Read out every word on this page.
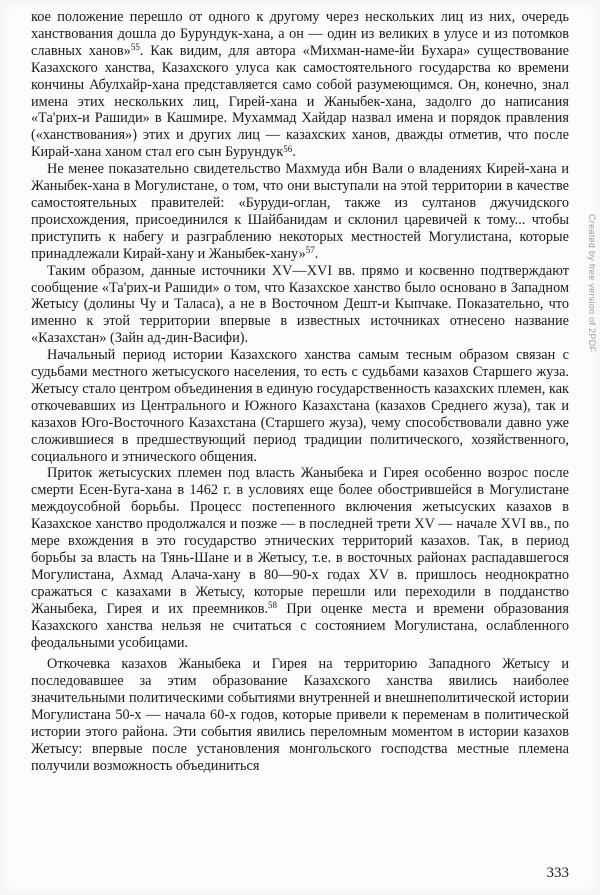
кое положение перешло от одного к другому через нескольких лиц из них, очередь ханствования дошла до Бурундук-хана, а он — один из великих в улусе и из потомков славных ханов»$^{55}$. Как видим, для автора «Михман-наме-йи Бухара» существование Казахского ханства, Казахского улуса как самостоятельного государства ко времени кончины Абулхайр-хана представляется само собой разумеющимся. Он, конечно, знал имена этих нескольких лиц, Гирей-хана и Жаныбек-хана, задолго до написания «Та'рих-и Рашиди» в Кашмире. Мухаммад Хайдар назвал имена и порядок правления («ханствования») этих и других лиц — казахских ханов, дважды отметив, что после Кирай-хана ханом стал его сын Бурундук$^{56}$.

Не менее показательно свидетельство Махмуда ибн Вали о владениях Кирей-хана и Жаныбек-хана в Могулистане, о том, что они выступали на этой территории в качестве самостоятельных правителей: «Буруди-оглан, также из султанов джучидского происхождения, присоединился к Шайбанидам и склонил царевичей к тому... чтобы приступить к набегу и разграблению некоторых местностей Могулистана, которые принадлежали Кирай-хану и Жаныбек-хану»$^{57}$.

Таким образом, данные источники XV—XVI вв. прямо и косвенно подтверждают сообщение «Та'рих-и Рашиди» о том, что Казахское ханство было основано в Западном Жетысу (долины Чу и Таласа), а не в Восточном Дешт-и Кыпчаке. Показательно, что именно к этой территории впервые в известных источниках отнесено название «Казахстан» (Зайн ад-дин-Васифи).

Начальный период истории Казахского ханства самым тесным образом связан с судьбами местного жетысуского населения, то есть с судьбами казахов Старшего жуза. Жетысу стало центром объединения в единую государственность казахских племен, как откочевавших из Центрального и Южного Казахстана (казахов Среднего жуза), так и казахов Юго-Восточного Казахстана (Старшего жуза), чему способствовали давно уже сложившиеся в предшествующий период традиции политического, хозяйственного, социального и этнического общения.

Приток жетысуских племен под власть Жаныбека и Гирея особенно возрос после смерти Есен-Буга-хана в 1462 г. в условиях еще более обострившейся в Могулистане междоусобной борьбы. Процесс постепенного включения жетысуских казахов в Казахское ханство продолжался и позже — в последней трети XV — начале XVI вв., по мере вхождения в это государство этнических территорий казахов. Так, в период борьбы за власть на Тянь-Шане и в Жетысу, т.е. в восточных районах распадавшегося Могулистана, Ахмад Алача-хану в 80—90-х годах XV в. пришлось неоднократно сражаться с казахами в Жетысу, которые перешли или переходили в подданство Жаныбека, Гирея и их преемников.$^{58}$ При оценке места и времени образования Казахского ханства нельзя не считаться с состоянием Могулистана, ослабленного феодальными усобицами.

Откочевка казахов Жаныбека и Гирея на территорию Западного Жетысу и последовавшее за этим образование Казахского ханства явились наиболее значительными политическими событиями внутренней и внешнеполитической истории Могулистана 50-х — начала 60-х годов, которые привели к переменам в политической истории этого района. Эти события явились переломным моментом в истории казахов Жетысу: впервые после установления монгольского господства местные племена получили возможность объединиться

333
Created by free version of 2PDF
